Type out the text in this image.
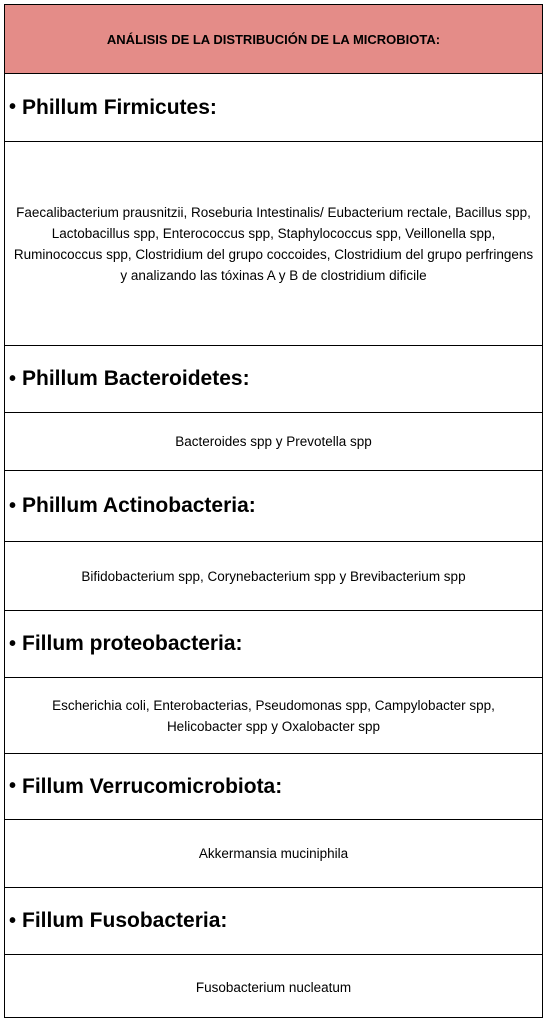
ANÁLISIS DE LA DISTRIBUCIÓN DE LA MICROBIOTA:
• Phillum Firmicutes:
Faecalibacterium prausnitzii, Roseburia Intestinalis/ Eubacterium rectale, Bacillus spp, Lactobacillus spp, Enterococcus spp, Staphylococcus spp, Veillonella spp, Ruminococcus spp, Clostridium del grupo coccoides, Clostridium del grupo perfringens y analizando las tóxinas A y B de clostridium dificile
• Phillum Bacteroidetes:
Bacteroides spp y Prevotella spp
• Phillum Actinobacteria:
Bifidobacterium spp, Corynebacterium spp y Brevibacterium spp
• Fillum proteobacteria:
Escherichia coli, Enterobacterias, Pseudomonas spp, Campylobacter spp, Helicobacter spp y Oxalobacter spp
• Fillum Verrucomicrobiota:
Akkermansia muciniphila
• Fillum Fusobacteria:
Fusobacterium nucleatum
